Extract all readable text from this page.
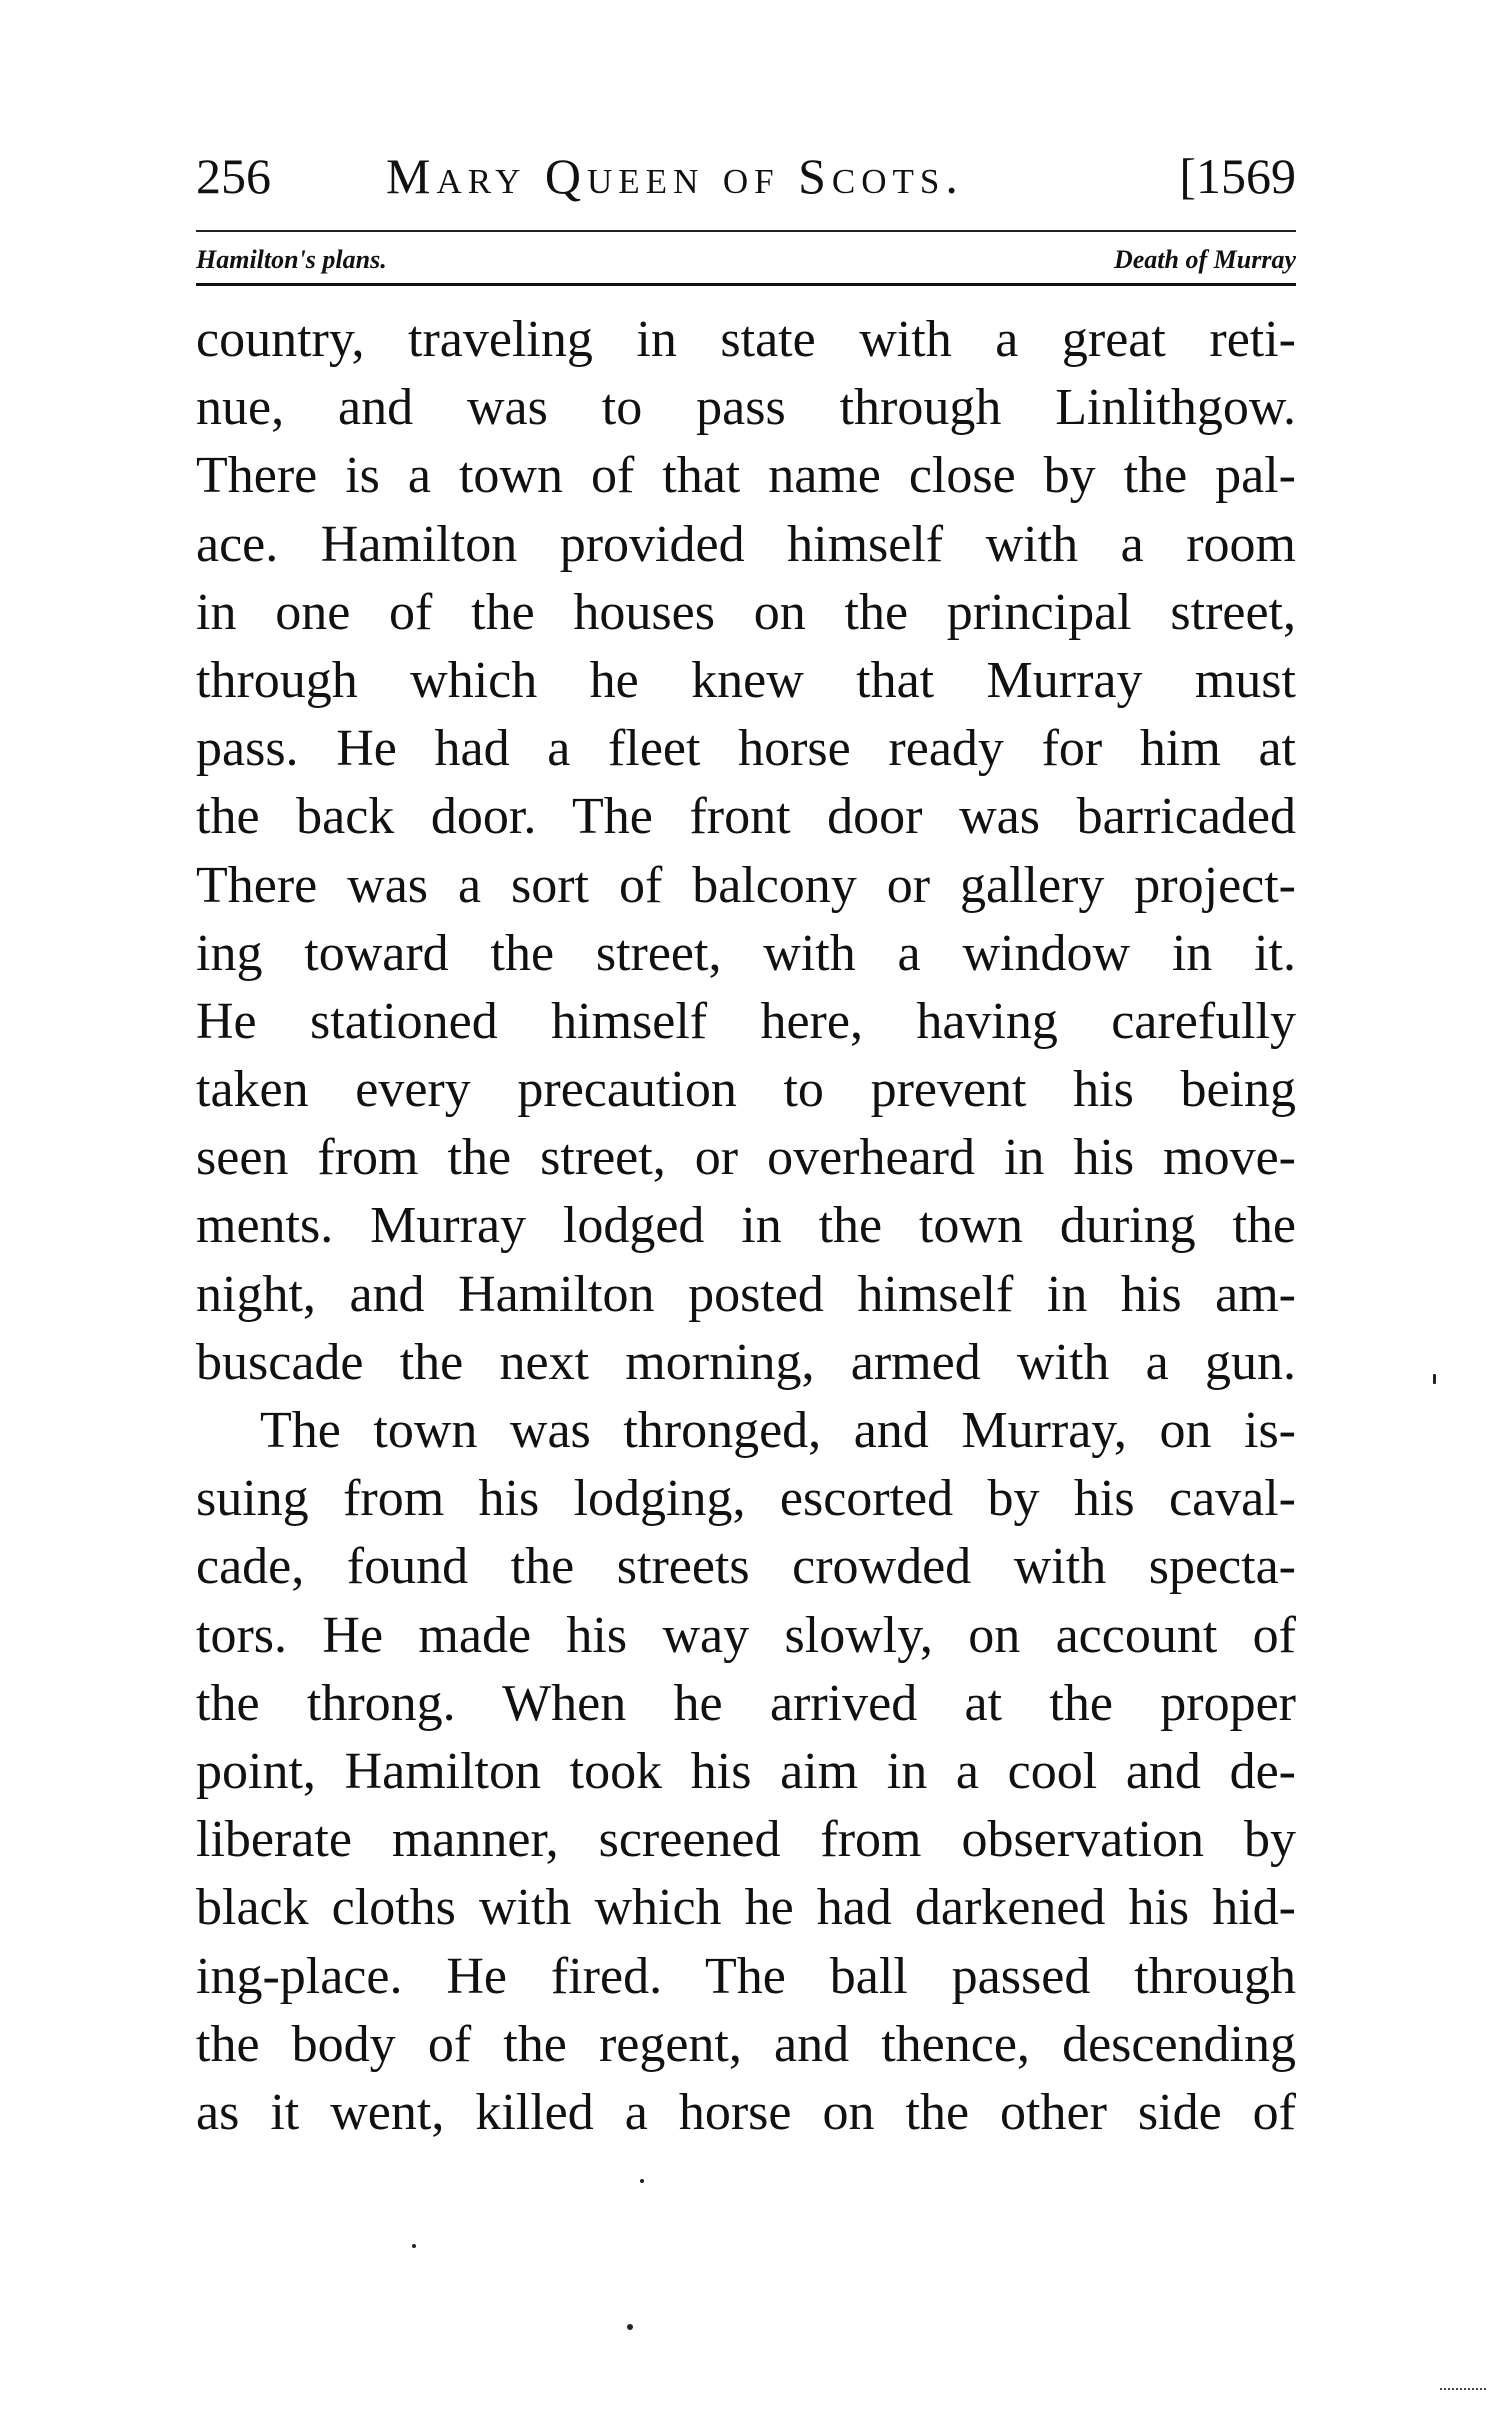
256 Mary Queen of Scots.	[1569
Hamilton's plans.	Death of Murray
country, traveling in state with a great reti-
nue, and was to pass through Linlithgow.
There is a town of that name close by the pal-
ace. Hamilton provided himself with a room
in one of the houses on the principal street,
through which he knew that Murray must
pass. He had a fleet horse ready for him at
the back door. The front door was barricaded
There was a sort of balcony or gallery project-
ing toward the street, with a window in it.
He stationed himself here, having carefully
taken every precaution to prevent his being
seen from the street, or overheard in his move-
ments. Murray lodged in the town during the
night, and Hamilton posted himself in his am-
buscade the next morning, armed with a gun.
The town was thronged, and Murray, on is-
suing from his lodging, escorted by his caval-
cade, found the streets crowded with specta-
tors. He made his way slowly, on account of
the throng. When he arrived at the proper
point, Hamilton took his aim in a cool and de-
liberate manner, screened from observation by
black cloths with which he had darkened his hid-
ing-place. He fired. The ball passed through
the body of the regent, and thence, descending
as it went, killed a horse on the other side of
